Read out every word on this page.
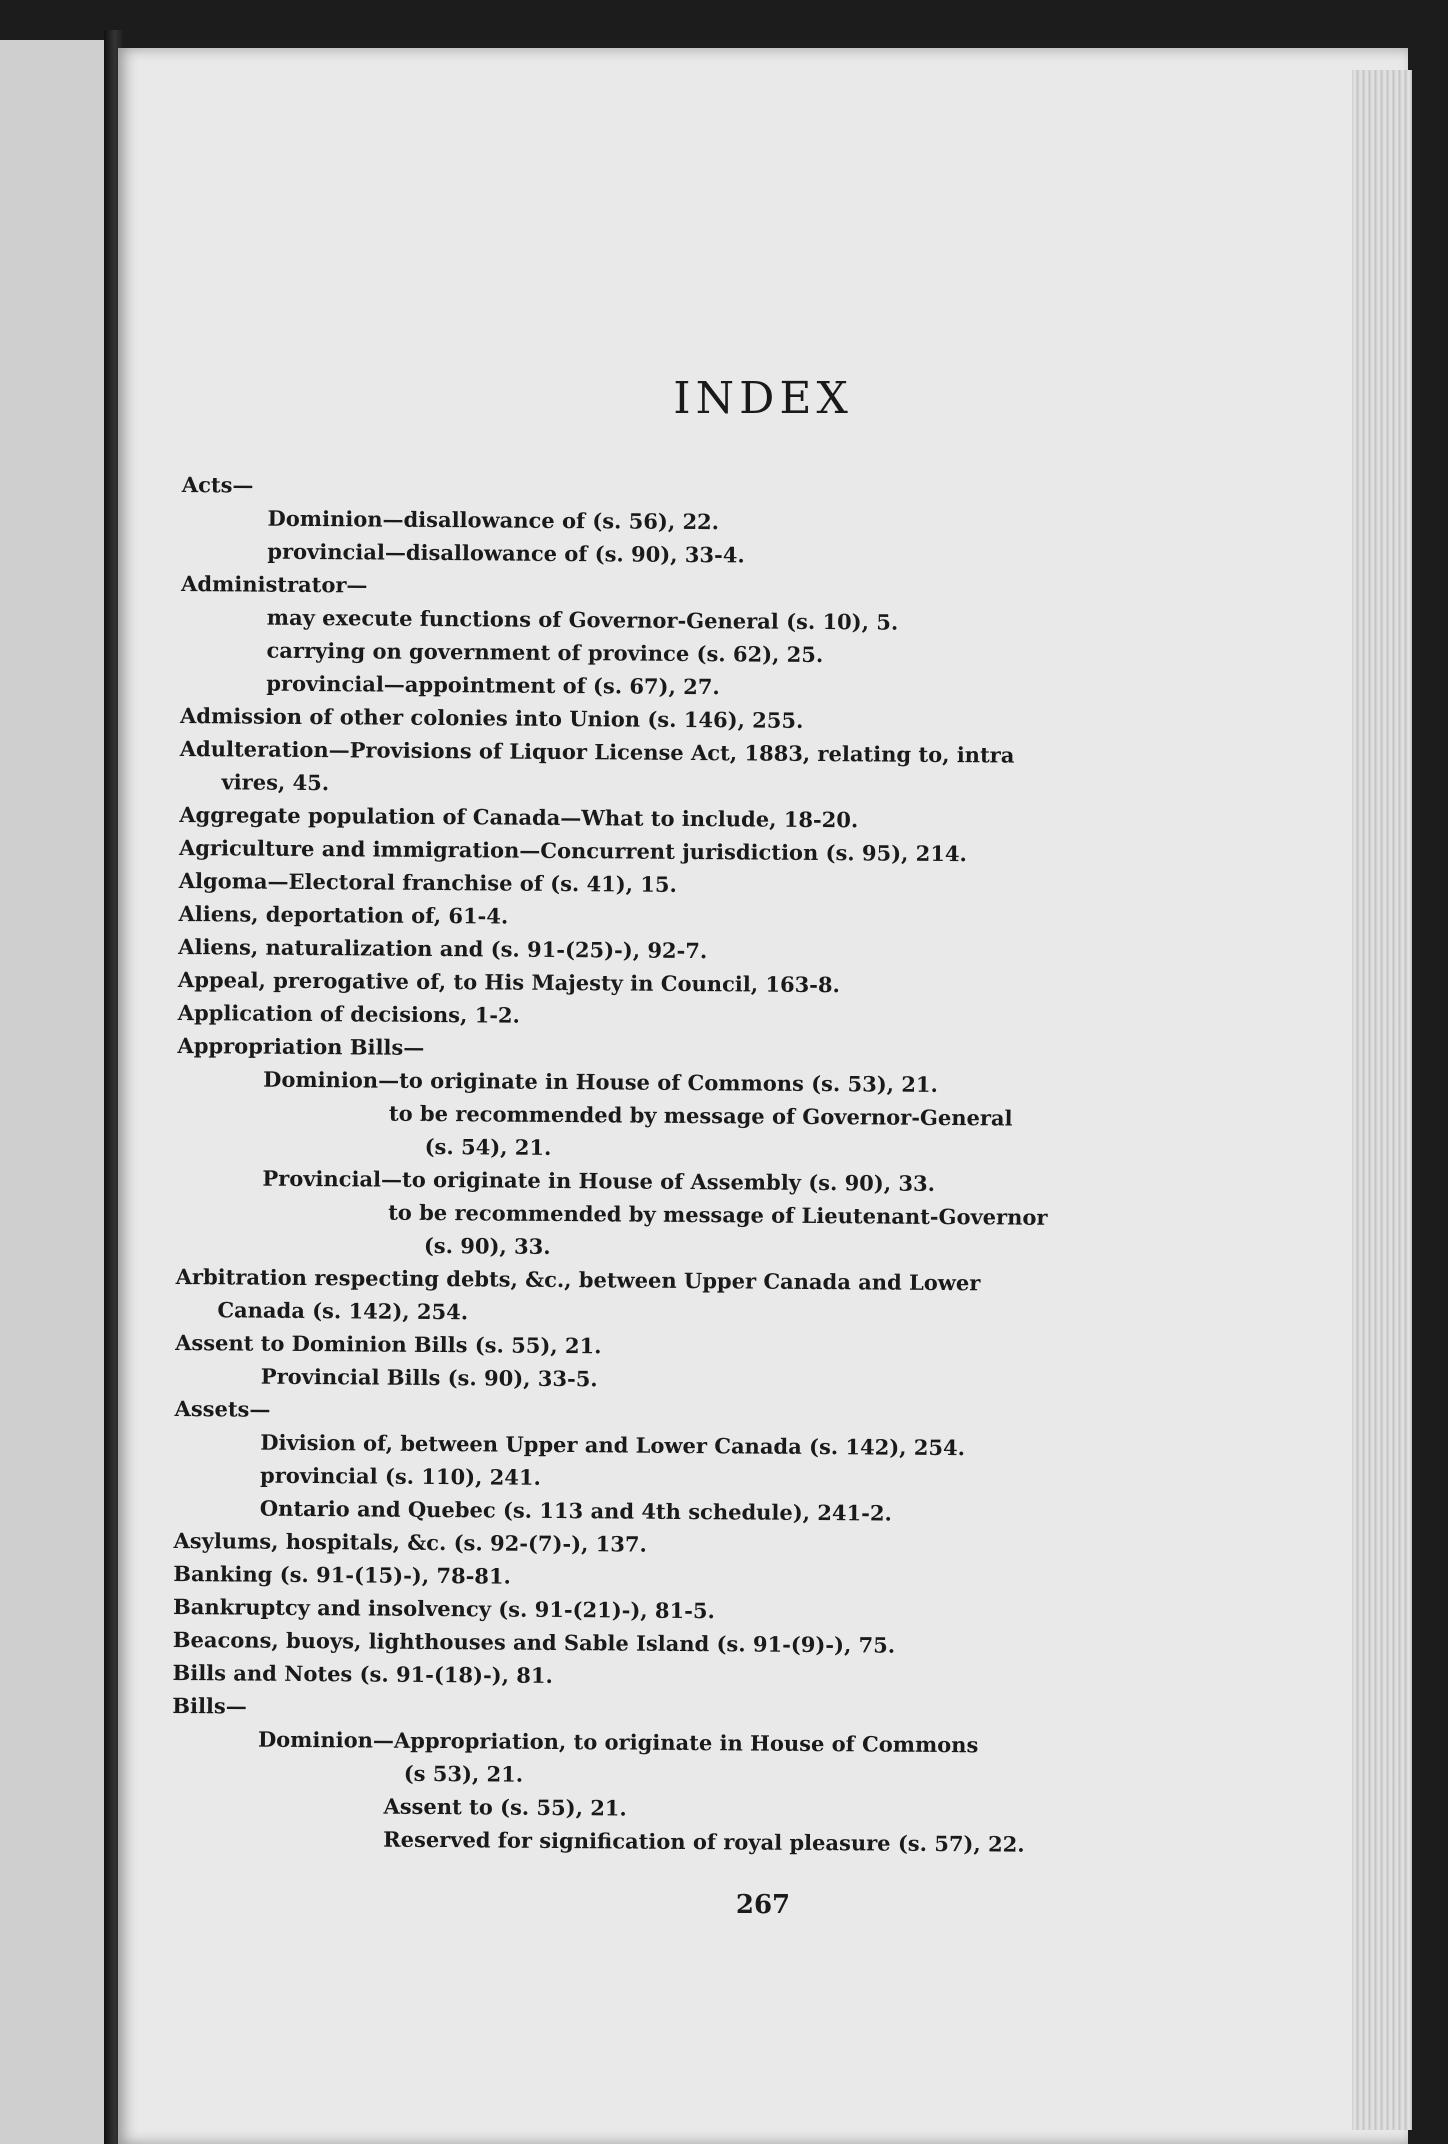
INDEX
Acts—
Dominion—disallowance of (s. 56), 22.
provincial—disallowance of (s. 90), 33-4.
Administrator—
may execute functions of Governor-General (s. 10), 5.
carrying on government of province (s. 62), 25.
provincial—appointment of (s. 67), 27.
Admission of other colonies into Union (s. 146), 255.
Adulteration—Provisions of Liquor License Act, 1883, relating to, intra
vires, 45.
Aggregate population of Canada—What to include, 18-20.
Agriculture and immigration—Concurrent jurisdiction (s. 95), 214.
Algoma—Electoral franchise of (s. 41), 15.
Aliens, deportation of, 61-4.
Aliens, naturalization and (s. 91-(25)-), 92-7.
Appeal, prerogative of, to His Majesty in Council, 163-8.
Application of decisions, 1-2.
Appropriation Bills—
Dominion—to originate in House of Commons (s. 53), 21.
to be recommended by message of Governor-General
(s. 54), 21.
Provincial—to originate in House of Assembly (s. 90), 33.
to be recommended by message of Lieutenant-Governor
(s. 90), 33.
Arbitration respecting debts, &c., between Upper Canada and Lower
Canada (s. 142), 254.
Assent to Dominion Bills (s. 55), 21.
Provincial Bills (s. 90), 33-5.
Assets—
Division of, between Upper and Lower Canada (s. 142), 254.
provincial (s. 110), 241.
Ontario and Quebec (s. 113 and 4th schedule), 241-2.
Asylums, hospitals, &c. (s. 92-(7)-), 137.
Banking (s. 91-(15)-), 78-81.
Bankruptcy and insolvency (s. 91-(21)-), 81-5.
Beacons, buoys, lighthouses and Sable Island (s. 91-(9)-), 75.
Bills and Notes (s. 91-(18)-), 81.
Bills—
Dominion—Appropriation, to originate in House of Commons
(s 53), 21.
Assent to (s. 55), 21.
Reserved for signification of royal pleasure (s. 57), 22.
267
